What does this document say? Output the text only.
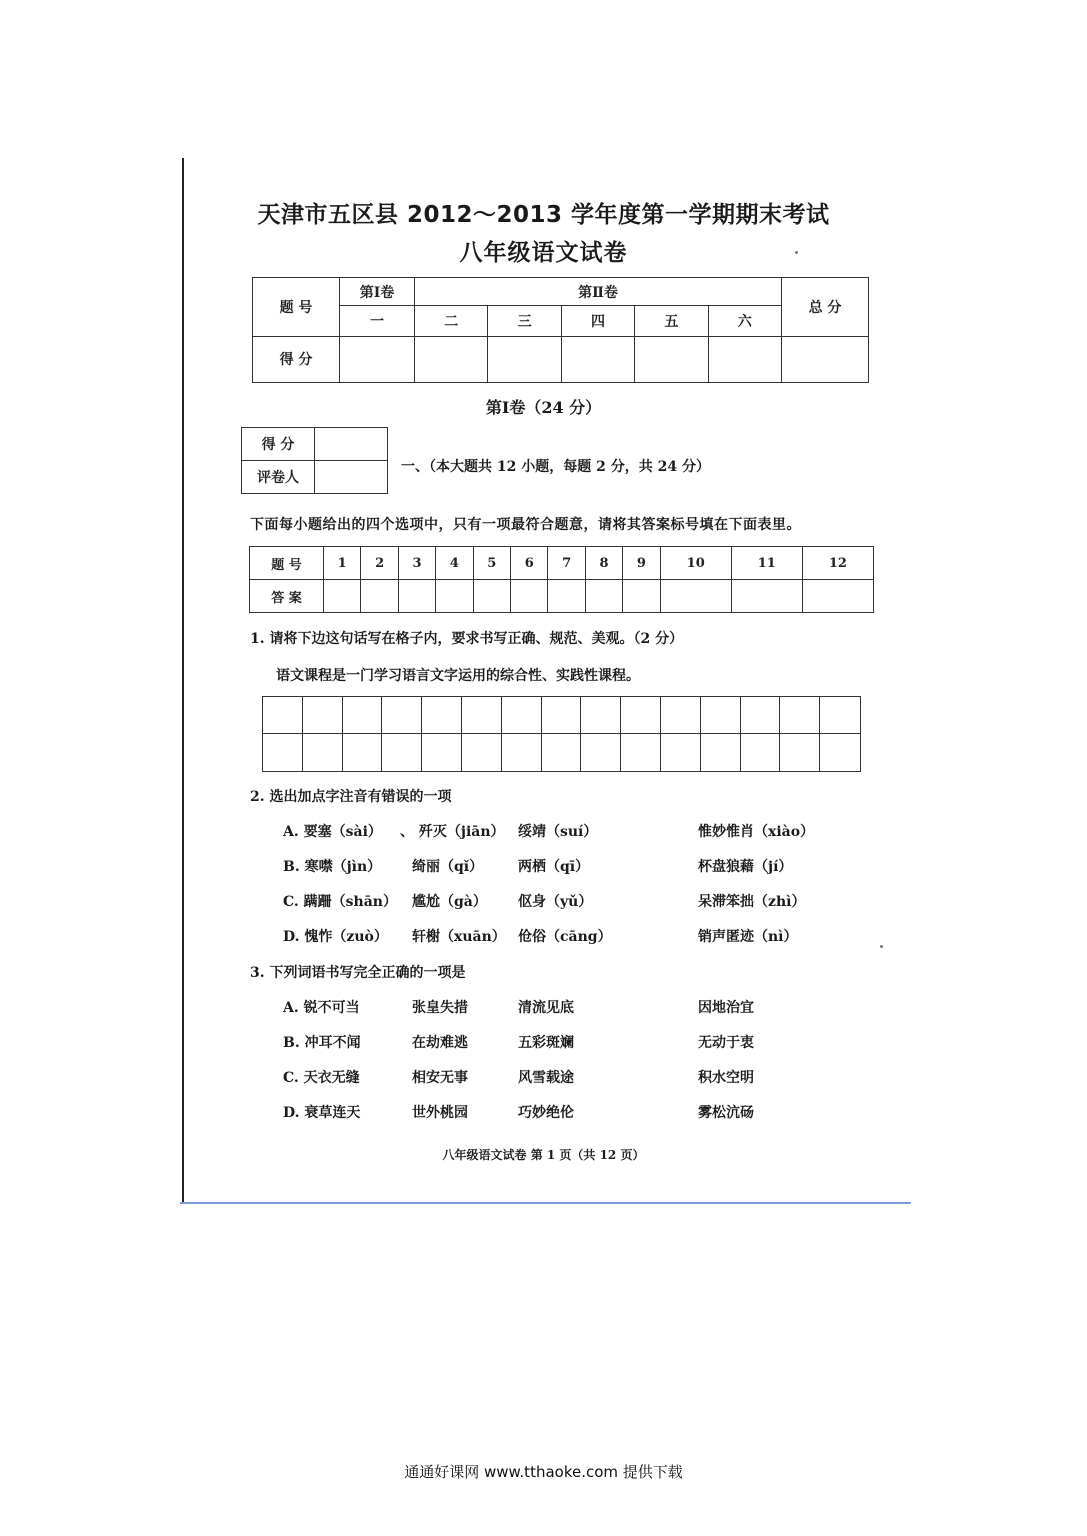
天津市五区县 2012～2013 学年度第一学期期末考试
八年级语文试卷
题 号	第Ⅰ卷	第Ⅱ卷					总 分
	一	二	三	四	五	六	
得 分							
第Ⅰ卷（24 分）
得 分	
评卷人	
一、（本大题共 12 小题，每题 2 分，共 24 分）
下面每小题给出的四个选项中，只有一项最符合题意，请将其答案标号填在下面表里。
题 号	1	2	3	4	5	6	7	8	9	10	11	12
答 案												
1. 请将下边这句话写在格子内，要求书写正确、规范、美观。（2 分）
语文课程是一门学习语言文字运用的综合性、实践性课程。
2. 选出加点字注音有错误的一项
A. 要塞（sài） 、 歼灭（jiān） 绥靖（suí）	惟妙惟肖（xiào）
B. 寒噤（jìn） 绮丽（qǐ） 两栖（qī）	杯盘狼藉（jí）
C. 蹒跚（shān） 尴尬（gà） 伛身（yǔ）	呆滞笨拙（zhì）
D. 愧怍（zuò） 轩榭（xuān） 伧俗（cāng）	销声匿迹（nì）
3. 下列词语书写完全正确的一项是
A. 锐不可当	张皇失措	清流见底	因地治宜
B. 冲耳不闻	在劫难逃	五彩斑斓	无动于衷
C. 天衣无缝	相安无事	风雪载途	积水空明
D. 衰草连天	世外桃园	巧妙绝伦	雾松沆砀
八年级语文试卷 第 1 页（共 12 页）
通通好课网 www.tthaoke.com 提供下载
